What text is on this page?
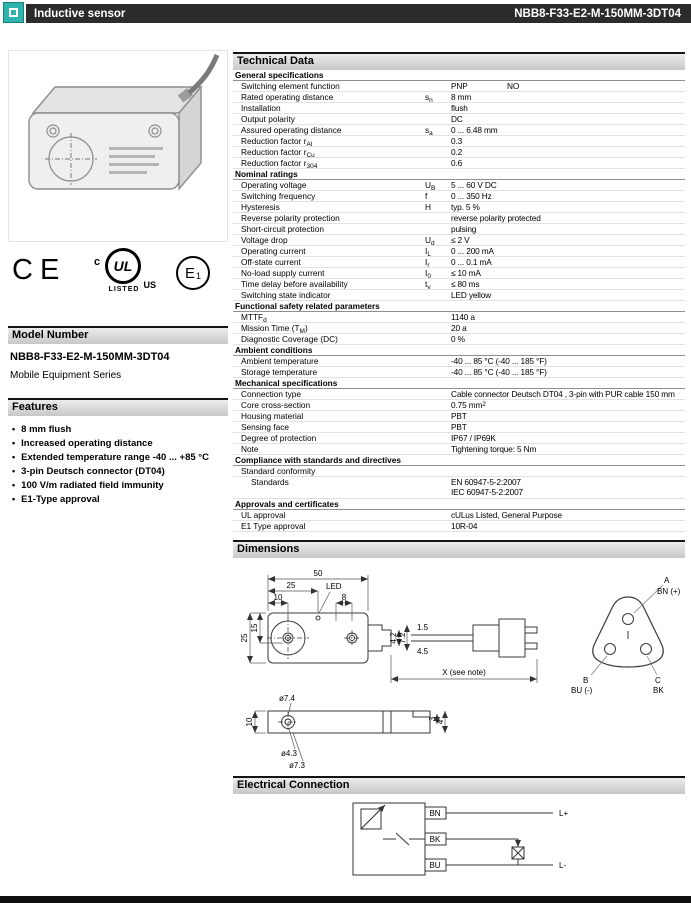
Inductive sensor	NBB8-F33-E2-M-150MM-3DT04
CE	c UL
US
LISTED
E 1
Model Number
NBB8-F33-E2-M-150MM-3DT04
Mobile Equipment Series
Features
• 8 mm flush
• Increased operating distance
• Extended temperature range -40 ... +85 °C
• 3-pin Deutsch connector (DT04)
• 100 V/m radiated field immunity
• E1-Type approval
Technical Data
General specifications
Switching element function	PNP	NO
Rated operating distance	$s_n$	8 mm
Installation	flush
Output polarity	DC
Assured operating distance	$s_a$	0 ... 6.48 mm
Reduction factor $r_{Al}$	0.3
Reduction factor $r_{Cu}$	0.2
Reduction factor $r_{304}$	0.6
Nominal ratings
Operating voltage	$U_B$	5 ... 60 V DC
Switching frequency	f	0 ... 350 Hz
Hysteresis	H	typ. 5 %
Reverse polarity protection	reverse polarity protected
Short-circuit protection	pulsing
Voltage drop	$U_d$	≤ 2 V
Operating current	$I_L$	0 ... 200 mA
Off-state current	$I_r$	0 ... 0.1 mA
No-load supply current	$I_0$	≤ 10 mA
Time delay before availability	$t_v$	≤ 80 ms
Switching state indicator	LED yellow
Functional safety related parameters
$MTTF_d$	1140 a
Mission Time $(T_M)$	20 a
Diagnostic Coverage (DC)	0 %
Ambient conditions
Ambient temperature	-40 ... 85 °C (-40 ... 185 °F)
Storage temperature	-40 ... 85 °C (-40 ... 185 °F)
Mechanical specifications
Connection type	Cable connector Deutsch DT04 , 3-pin with PUR cable 150 mm
Core cross-section	0.75 $mm^2$
Housing material	PBT
Sensing face	PBT
Degree of protection	IP67 / IP69K
Note	Tightening torque: 5 Nm
Compliance with standards and directives
Standard conformity
Standards	EN 60947-5-2:2007
IEC 60947-5-2:2007
Approvals and certificates
UL approval	cULus Listed, General Purpose
E1 Type approval	10R-04
Dimensions
50
25	LED
10	8
25
15
4.2 7.2
1.5
4.5
X (see note)
A
BN (+)
B
BU (-)
C
BK
ø7.4
10	3
4
ø4.3
ø7.3
Electrical Connection
BN
BK
BU
L+
L-
